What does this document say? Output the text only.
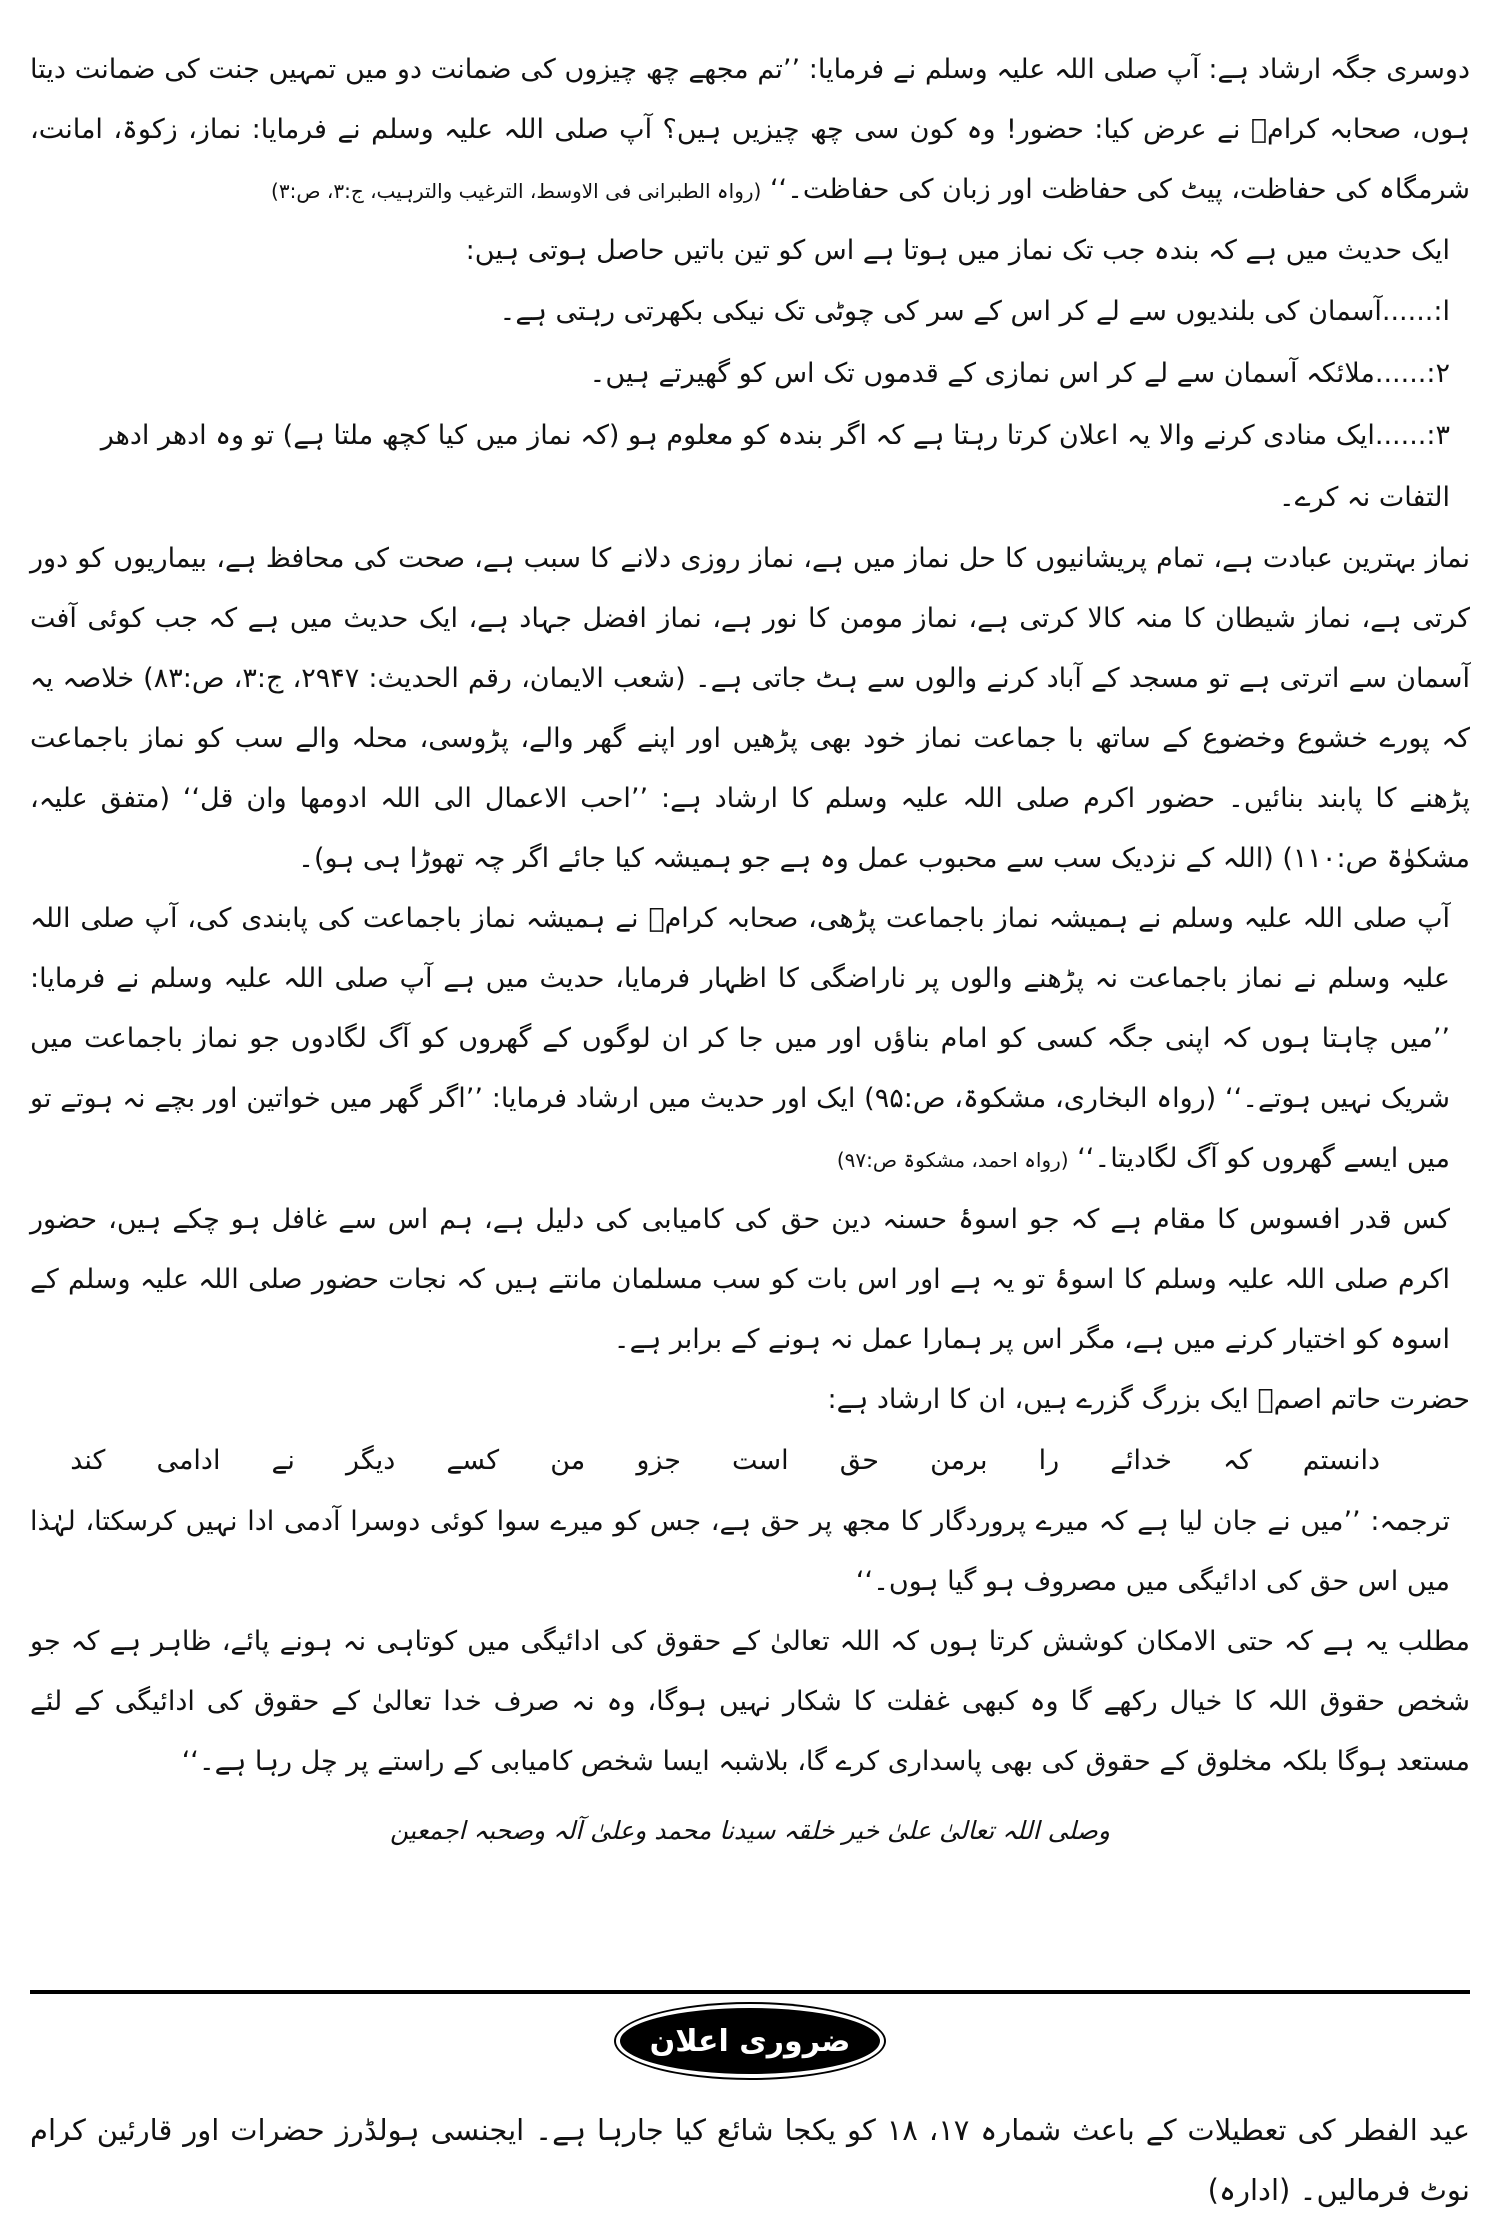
دوسری جگہ ارشاد ہے: آپ صلی اللہ علیہ وسلم نے فرمایا: ’’تم مجھے چھ چیزوں کی ضمانت دو میں تمہیں جنت کی ضمانت دیتا ہوں، صحابہ کرامؓ نے عرض کیا: حضور! وہ کون سی چھ چیزیں ہیں؟ آپ صلی اللہ علیہ وسلم نے فرمایا: نماز، زکوۃ، امانت، شرمگاہ کی حفاظت، پیٹ کی حفاظت اور زبان کی حفاظت۔‘‘ (رواہ الطبرانی فی الاوسط، الترغیب والترہیب، ج:۳، ص:۳)

ایک حدیث میں ہے کہ بندہ جب تک نماز میں ہوتا ہے اس کو تین باتیں حاصل ہوتی ہیں:

ا:......آسمان کی بلندیوں سے لے کر اس کے سر کی چوٹی تک نیکی بکھرتی رہتی ہے۔

۲:......ملائکہ آسمان سے لے کر اس نمازی کے قدموں تک اس کو گھیرتے ہیں۔

۳:......ایک منادی کرنے والا یہ اعلان کرتا رہتا ہے کہ اگر بندہ کو معلوم ہو (کہ نماز میں کیا کچھ ملتا ہے) تو وہ ادھر ادھر التفات نہ کرے۔

نماز بہترین عبادت ہے، تمام پریشانیوں کا حل نماز میں ہے، نماز روزی دلانے کا سبب ہے، صحت کی محافظ ہے، بیماریوں کو دور کرتی ہے، نماز شیطان کا منہ کالا کرتی ہے، نماز مومن کا نور ہے، نماز افضل جہاد ہے، ایک حدیث میں ہے کہ جب کوئی آفت آسمان سے اترتی ہے تو مسجد کے آباد کرنے والوں سے ہٹ جاتی ہے۔ (شعب الایمان، رقم الحدیث: ۲۹۴۷، ج:۳، ص:۸۳) خلاصہ یہ کہ پورے خشوع وخضوع کے ساتھ با جماعت نماز خود بھی پڑھیں اور اپنے گھر والے، پڑوسی، محلہ والے سب کو نماز باجماعت پڑھنے کا پابند بنائیں۔ حضور اکرم صلی اللہ علیہ وسلم کا ارشاد ہے: ’’احب الاعمال الی اللہ ادومھا وان قل‘‘ (متفق علیہ، مشکوٰۃ ص:۱۱۰) (اللہ کے نزدیک سب سے محبوب عمل وہ ہے جو ہمیشہ کیا جائے اگر چہ تھوڑا ہی ہو)۔

آپ صلی اللہ علیہ وسلم نے ہمیشہ نماز باجماعت پڑھی، صحابہ کرامؓ نے ہمیشہ نماز باجماعت کی پابندی کی، آپ صلی اللہ علیہ وسلم نے نماز باجماعت نہ پڑھنے والوں پر ناراضگی کا اظہار فرمایا، حدیث میں ہے آپ صلی اللہ علیہ وسلم نے فرمایا: ’’میں چاہتا ہوں کہ اپنی جگہ کسی کو امام بناؤں اور میں جا کر ان لوگوں کے گھروں کو آگ لگادوں جو نماز باجماعت میں شریک نہیں ہوتے۔‘‘ (رواہ البخاری، مشکوۃ، ص:۹۵) ایک اور حدیث میں ارشاد فرمایا: ’’اگر گھر میں خواتین اور بچے نہ ہوتے تو میں ایسے گھروں کو آگ لگادیتا۔‘‘ (رواہ احمد، مشکوۃ ص:۹۷)

کس قدر افسوس کا مقام ہے کہ جو اسوۂ حسنہ دین حق کی کامیابی کی دلیل ہے، ہم اس سے غافل ہو چکے ہیں، حضور اکرم صلی اللہ علیہ وسلم کا اسوۂ تو یہ ہے اور اس بات کو سب مسلمان مانتے ہیں کہ نجات حضور صلی اللہ علیہ وسلم کے اسوہ کو اختیار کرنے میں ہے، مگر اس پر ہمارا عمل نہ ہونے کے برابر ہے۔

حضرت حاتم اصمؒ ایک بزرگ گزرے ہیں، ان کا ارشاد ہے:

دانستم
کہ
خدائے
را
برمن
حق
است
جزو
من
کسے
دیگر
نے
ادامی
کند

ترجمہ: ’’میں نے جان لیا ہے کہ میرے پروردگار کا مجھ پر حق ہے، جس کو میرے سوا کوئی دوسرا آدمی ادا نہیں کرسکتا، لہٰذا میں اس حق کی ادائیگی میں مصروف ہو گیا ہوں۔‘‘

مطلب یہ ہے کہ حتی الامکان کوشش کرتا ہوں کہ اللہ تعالیٰ کے حقوق کی ادائیگی میں کوتاہی نہ ہونے پائے، ظاہر ہے کہ جو شخص حقوق اللہ کا خیال رکھے گا وہ کبھی غفلت کا شکار نہیں ہوگا، وہ نہ صرف خدا تعالیٰ کے حقوق کی ادائیگی کے لئے مستعد ہوگا بلکہ مخلوق کے حقوق کی بھی پاسداری کرے گا، بلاشبہ ایسا شخص کامیابی کے راستے پر چل رہا ہے۔‘‘

وصلی اللہ تعالیٰ علیٰ خیر خلقہ سیدنا محمد وعلیٰ آلہ وصحبہ اجمعین

ضروری اعلان
عید الفطر کی تعطیلات کے باعث شمارہ ۱۷، ۱۸ کو یکجا شائع کیا جارہا ہے۔ ایجنسی ہولڈرز حضرات اور قارئین کرام نوٹ فرمالیں۔ (ادارہ)
